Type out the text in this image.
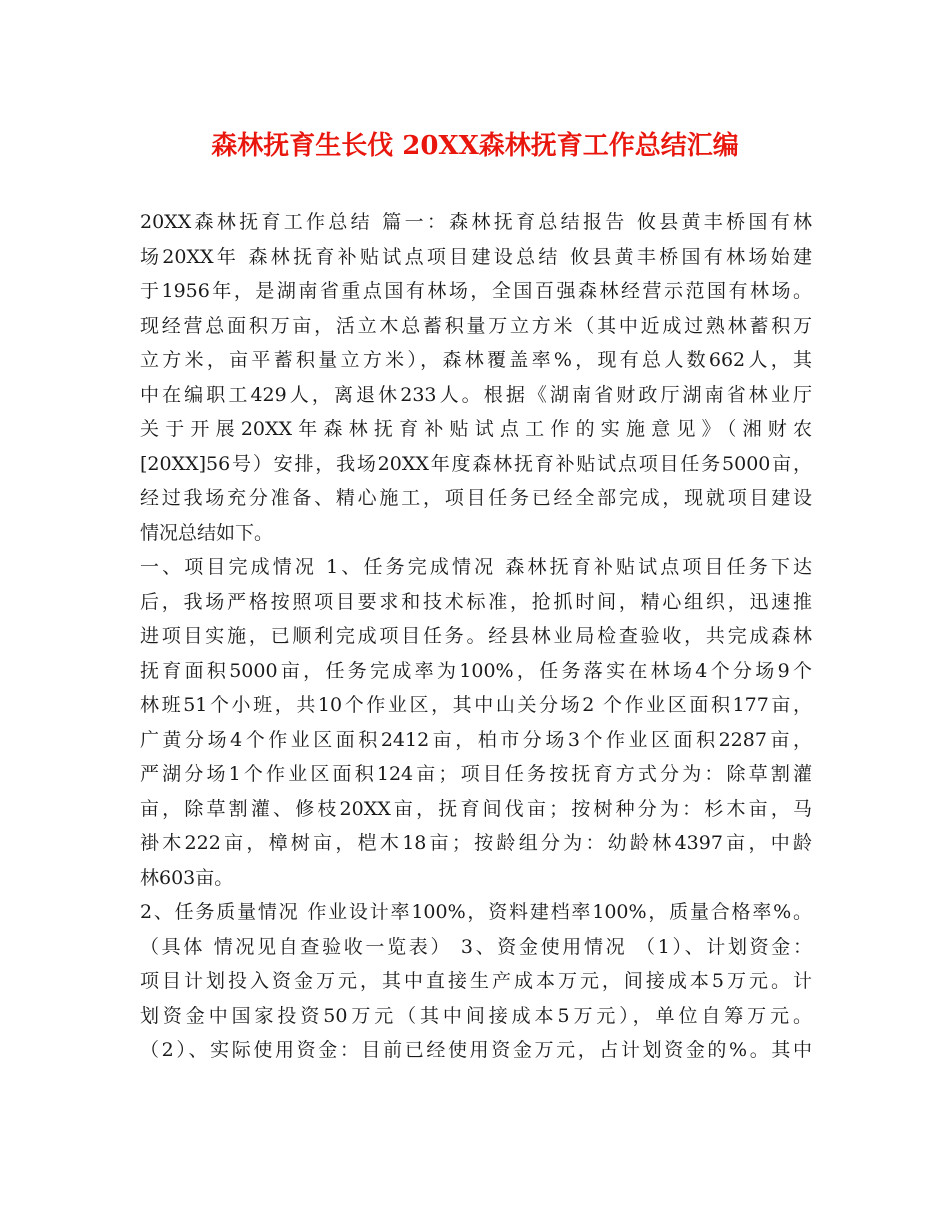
森林抚育生长伐 20XX森林抚育工作总结汇编
20XX森林抚育工作总结 篇一：森林抚育总结报告 攸县黄丰桥国有林
场20XX年 森林抚育补贴试点项目建设总结 攸县黄丰桥国有林场始建
于1956年，是湖南省重点国有林场，全国百强森林经营示范国有林场。
现经营总面积万亩，活立木总蓄积量万立方米（其中近成过熟林蓄积万
立方米，亩平蓄积量立方米），森林覆盖率%，现有总人数662人，其
中在编职工429人，离退休233人。根据《湖南省财政厅湖南省林业厅
关于开展20XX年森林抚育补贴试点工作的实施意见》（湘财农
[20XX]56号）安排，我场20XX年度森林抚育补贴试点项目任务5000亩，
经过我场充分准备、精心施工，项目任务已经全部完成，现就项目建设
情况总结如下。
一、项目完成情况 1、任务完成情况 森林抚育补贴试点项目任务下达
后，我场严格按照项目要求和技术标准，抢抓时间，精心组织，迅速推
进项目实施，已顺利完成项目任务。经县林业局检查验收，共完成森林
抚育面积5000亩，任务完成率为100%，任务落实在林场4个分场9个
林班51个小班，共10个作业区，其中山关分场2 个作业区面积177亩，
广黄分场4个作业区面积2412亩，柏市分场3个作业区面积2287亩，
严湖分场1个作业区面积124亩；项目任务按抚育方式分为：除草割灌
亩，除草割灌、修枝20XX亩，抚育间伐亩；按树种分为：杉木亩，马
褂木222亩，樟树亩，桤木18亩；按龄组分为：幼龄林4397亩，中龄
林603亩。
2、任务质量情况 作业设计率100%，资料建档率100%，质量合格率%。
（具体 情况见自查验收一览表） 3、资金使用情况 （1）、计划资金：
项目计划投入资金万元，其中直接生产成本万元，间接成本5万元。计
划资金中国家投资50万元（其中间接成本5万元），单位自筹万元。
（2）、实际使用资金：目前已经使用资金万元，占计划资金的%。其中
